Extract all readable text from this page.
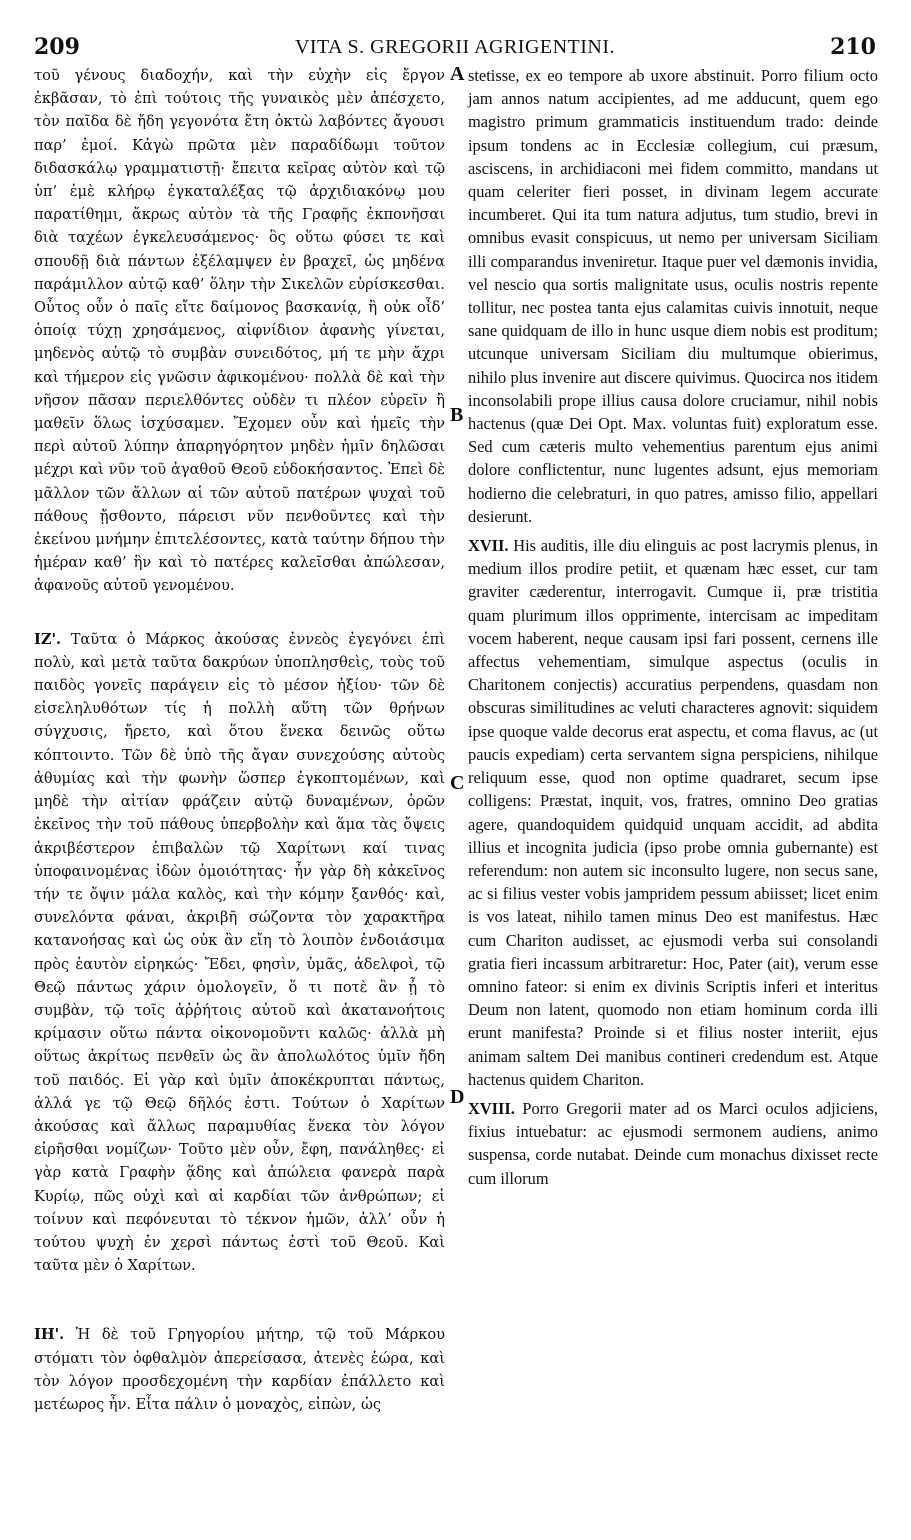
209	VITA S. GREGORII AGRIGENTINI.	210

τοῦ γένους διαδοχήν, καὶ τὴν εὐχὴν εἰς ἔργον ἐκβᾶσαν, τὸ ἐπὶ τούτοις τῆς γυναικὸς μὲν ἀπέσχετο, τὸν παῖδα δὲ ἤδη γεγονότα ἔτη ὀκτὼ λαβόντες ἄγουσι παρ’ ἐμοί. Κἀγὼ πρῶτα μὲν παραδίδωμι τοῦτον διδασκάλῳ γραμματιστῇ· ἔπειτα κεῖρας αὐτὸν καὶ τῷ ὑπ’ ἐμὲ κλήρῳ ἐγκαταλέξας τῷ ἀρχιδιακόνῳ μου παρατίθημι, ἄκρως αὐτὸν τὰ τῆς Γραφῆς ἐκπονῆσαι διὰ ταχέων ἐγκελευσάμενος· ὃς οὕτω φύσει τε καὶ σπουδῇ διὰ πάντων ἐξέλαμψεν ἐν βραχεῖ, ὡς μηδένα παράμιλλον αὐτῷ καθ’ ὅλην τὴν Σικελῶν εὑρίσκεσθαι. Οὗτος οὖν ὁ παῖς εἴτε δαίμονος βασκανίᾳ, ἢ οὐκ οἶδ’ ὁποίᾳ τύχῃ χρησάμενος, αἰφνίδιον ἀφανὴς γίνεται, μηδενὸς αὐτῷ τὸ συμβὰν συνειδότος, μή τε μὴν ἄχρι καὶ τήμερον εἰς γνῶσιν ἀφικομένου· πολλὰ δὲ καὶ τὴν νῆσον πᾶσαν περιελθόντες οὐδὲν τι πλέον εὑρεῖν ἢ μαθεῖν ὅλως ἰσχύσαμεν. Ἔχομεν οὖν καὶ ἡμεῖς τὴν περὶ αὐτοῦ λύπην ἀπαρηγόρητον μηδὲν ἡμῖν δηλῶσαι μέχρι καὶ νῦν τοῦ ἀγαθοῦ Θεοῦ εὐδοκήσαντος. Ἐπεὶ δὲ μᾶλλον τῶν ἄλλων αἱ τῶν αὐτοῦ πατέρων ψυχαὶ τοῦ πάθους ᾔσθοντο, πάρεισι νῦν πενθοῦντες καὶ τὴν ἐκείνου μνήμην ἐπιτελέσοντες, κατὰ ταύτην δήπου τὴν ἡμέραν καθ’ ἣν καὶ τὸ πατέρες καλεῖσθαι ἀπώλεσαν, ἀφανοῦς αὐτοῦ γενομένου.

ΙΖ'. Ταῦτα ὁ Μάρκος ἀκούσας ἐννεὸς ἐγεγόνει ἐπὶ πολὺ, καὶ μετὰ ταῦτα δακρύων ὑποπλησθεὶς, τοὺς τοῦ παιδὸς γονεῖς παράγειν εἰς τὸ μέσον ἠξίου· τῶν δὲ εἰσεληλυθότων τίς ἡ πολλὴ αὕτη τῶν θρήνων σύγχυσις, ἤρετο, καὶ ὅτου ἕνεκα δεινῶς οὕτω κόπτοιντο. Τῶν δὲ ὑπὸ τῆς ἄγαν συνεχούσης αὐτοὺς ἀθυμίας καὶ τὴν φωνὴν ὥσπερ ἐγκοπτομένων, καὶ μηδὲ τὴν αἰτίαν φράζειν αὐτῷ δυναμένων, ὁρῶν ἐκεῖνος τὴν τοῦ πάθους ὑπερβολὴν καὶ ἅμα τὰς ὄψεις ἀκριβέστερον ἐπιβαλὼν τῷ Χαρίτωνι καί τινας ὑποφαινομένας ἰδὼν ὁμοιότητας· ἦν γὰρ δὴ κἀκεῖνος τήν τε ὄψιν μάλα καλὸς, καὶ τὴν κόμην ξανθός· καὶ, συνελόντα φάναι, ἀκριβῆ σώζοντα τὸν χαρακτῆρα κατανοήσας καὶ ὡς οὐκ ἂν εἴη τὸ λοιπὸν ἐνδοιάσιμα πρὸς ἑαυτὸν εἰρηκώς· Ἔδει, φησὶν, ὑμᾶς, ἀδελφοὶ, τῷ Θεῷ πάντως χάριν ὁμολογεῖν, ὅ τι ποτὲ ἂν ᾖ τὸ συμβὰν, τῷ τοῖς ἀῤῥήτοις αὐτοῦ καὶ ἀκατανοήτοις κρίμασιν οὕτω πάντα οἰκονομοῦντι καλῶς· ἀλλὰ μὴ οὕτως ἀκρίτως πενθεῖν ὡς ἂν ἀπολωλότος ὑμῖν ἤδη τοῦ παιδός. Εἰ γὰρ καὶ ὑμῖν ἀποκέκρυπται πάντως, ἀλλά γε τῷ Θεῷ δῆλός ἐστι. Τούτων ὁ Χαρίτων ἀκούσας καὶ ἄλλως παραμυθίας ἕνεκα τὸν λόγον εἰρῆσθαι νομίζων· Τοῦτο μὲν οὖν, ἔφη, πανάληθες· εἰ γὰρ κατὰ Γραφὴν ᾅδης καὶ ἀπώλεια φανερὰ παρὰ Κυρίῳ, πῶς οὐχὶ καὶ αἱ καρδίαι τῶν ἀνθρώπων; εἰ τοίνυν καὶ πεφόνευται τὸ τέκνον ἡμῶν, ἀλλ’ οὖν ἡ τούτου ψυχὴ ἐν χερσὶ πάντως ἐστὶ τοῦ Θεοῦ. Καὶ ταῦτα μὲν ὁ Χαρίτων.

ΙΗ'. Ἡ δὲ τοῦ Γρηγορίου μήτηρ, τῷ τοῦ Μάρκου στόματι τὸν ὀφθαλμὸν ἀπερείσασα, ἀτενὲς ἑώρα, καὶ τὸν λόγον προσδεχομένη τὴν καρδίαν ἐπάλλετο καὶ μετέωρος ἦν. Εἶτα πάλιν ὁ μοναχὸς, εἰπὼν, ὡς

A
B
C
D

stetisse, ex eo tempore ab uxore abstinuit. Porro filium octo jam annos natum accipientes, ad me adducunt, quem ego magistro primum grammaticis instituendum trado: deinde ipsum tondens ac in Ecclesiæ collegium, cui præsum, asciscens, in archidiaconi mei fidem committo, mandans ut quam celeriter fieri posset, in divinam legem accurate incumberet. Qui ita tum natura adjutus, tum studio, brevi in omnibus evasit conspicuus, ut nemo per universam Siciliam illi comparandus inveniretur. Itaque puer vel dæmonis invidia, vel nescio qua sortis malignitate usus, oculis nostris repente tollitur, nec postea tanta ejus calamitas cuivis innotuit, neque sane quidquam de illo in hunc usque diem nobis est proditum; utcunque universam Siciliam diu multumque obierimus, nihilo plus invenire aut discere quivimus. Quocirca nos itidem inconsolabili prope illius causa dolore cruciamur, nihil nobis hactenus (quæ Dei Opt. Max. voluntas fuit) exploratum esse. Sed cum cæteris multo vehementius parentum ejus animi dolore conflictentur, nunc lugentes adsunt, ejus memoriam hodierno die celebraturi, in quo patres, amisso filio, appellari desierunt.

XVII. His auditis, ille diu elinguis ac post lacrymis plenus, in medium illos prodire petiit, et quænam hæc esset, cur tam graviter cæderentur, interrogavit. Cumque ii, præ tristitia quam plurimum illos opprimente, intercisam ac impeditam vocem haberent, neque causam ipsi fari possent, cernens ille affectus vehementiam, simulque aspectus (oculis in Charitonem conjectis) accuratius perpendens, quasdam non obscuras similitudines ac veluti characteres agnovit: siquidem ipse quoque valde decorus erat aspectu, et coma flavus, ac (ut paucis expediam) certa servantem signa perspiciens, nihilque reliquum esse, quod non optime quadraret, secum ipse colligens: Præstat, inquit, vos, fratres, omnino Deo gratias agere, quandoquidem quidquid unquam accidit, ad abdita illius et incognita judicia (ipso probe omnia gubernante) est referendum: non autem sic inconsulto lugere, non secus sane, ac si filius vester vobis jampridem pessum abiisset; licet enim is vos lateat, nihilo tamen minus Deo est manifestus. Hæc cum Chariton audisset, ac ejusmodi verba sui consolandi gratia fieri incassum arbitraretur: Hoc, Pater (ait), verum esse omnino fateor: si enim ex divinis Scriptis inferi et interitus Deum non latent, quomodo non etiam hominum corda illi erunt manifesta? Proinde si et filius noster interiit, ejus animam saltem Dei manibus contineri credendum est. Atque hactenus quidem Chariton.

XVIII. Porro Gregorii mater ad os Marci oculos adjiciens, fixius intuebatur: ac ejusmodi sermonem audiens, animo suspensa, corde nutabat. Deinde cum monachus dixisset recte cum illorum
